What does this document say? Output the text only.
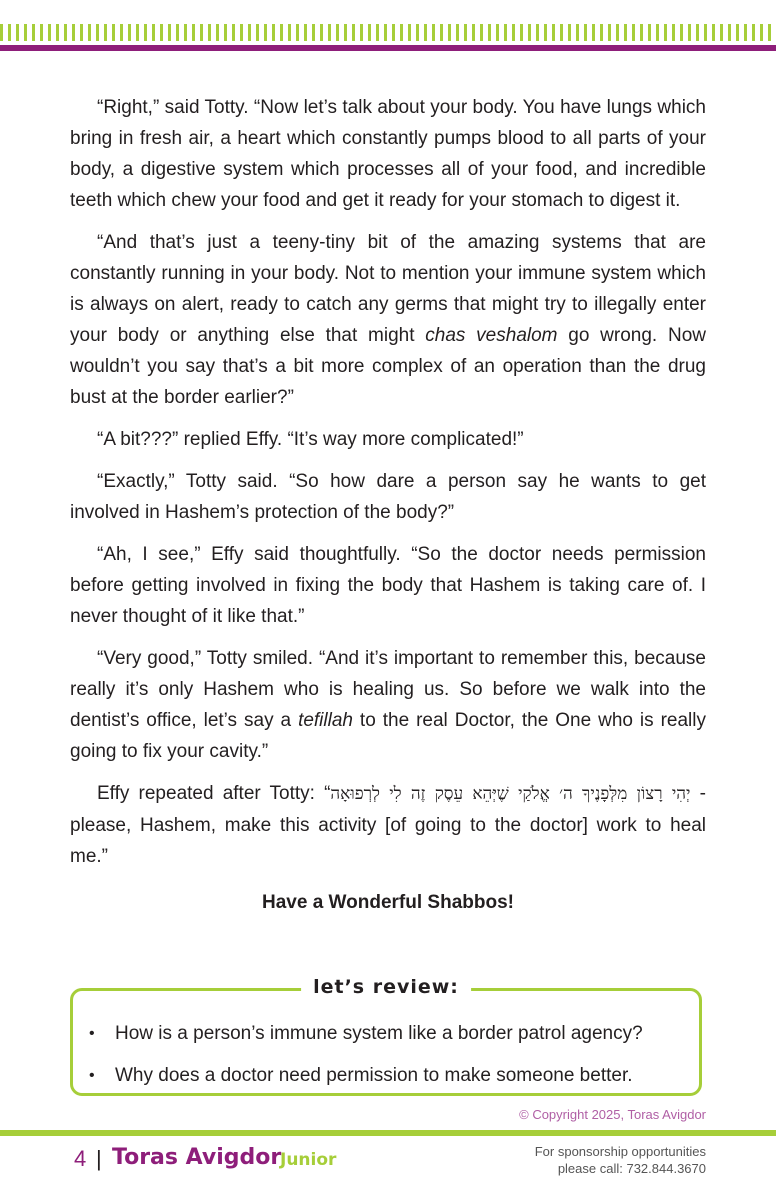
“Right,” said Totty. “Now let’s talk about your body. You have lungs which bring in fresh air, a heart which constantly pumps blood to all parts of your body, a digestive system which processes all of your food, and incredible teeth which chew your food and get it ready for your stomach to digest it.

“And that’s just a teeny-tiny bit of the amazing systems that are constantly running in your body. Not to mention your immune system which is always on alert, ready to catch any germs that might try to illegally enter your body or anything else that might chas veshalom go wrong. Now wouldn’t you say that’s a bit more complex of an operation than the drug bust at the border earlier?”

“A bit???” replied Effy. “It’s way more complicated!”

“Exactly,” Totty said. “So how dare a person say he wants to get involved in Hashem’s protection of the body?”

“Ah, I see,” Effy said thoughtfully. “So the doctor needs permission before getting involved in fixing the body that Hashem is taking care of. I never thought of it like that.”

“Very good,” Totty smiled. “And it’s important to remember this, because really it’s only Hashem who is healing us. So before we walk into the dentist’s office, let’s say a tefillah to the real Doctor, the One who is really going to fix your cavity.”

Effy repeated after Totty: “יְהִי רָצוֹן מִלְּפָנֶיךָ ה׳ אֱלֹקַי שֶׁיְּהֵא עֵסֶק זֶה לִי לְרְפוּאָה - please, Hashem, make this activity [of going to the doctor] work to heal me.”

Have a Wonderful Shabbos!

let’s review:
• How is a person’s immune system like a border patrol agency?
• Why does a doctor need permission to make someone better.
© Copyright 2025, Toras Avigdor
4 | Toras Avigdor
Junior	For sponsorship opportunities
please call: 732.844.3670
